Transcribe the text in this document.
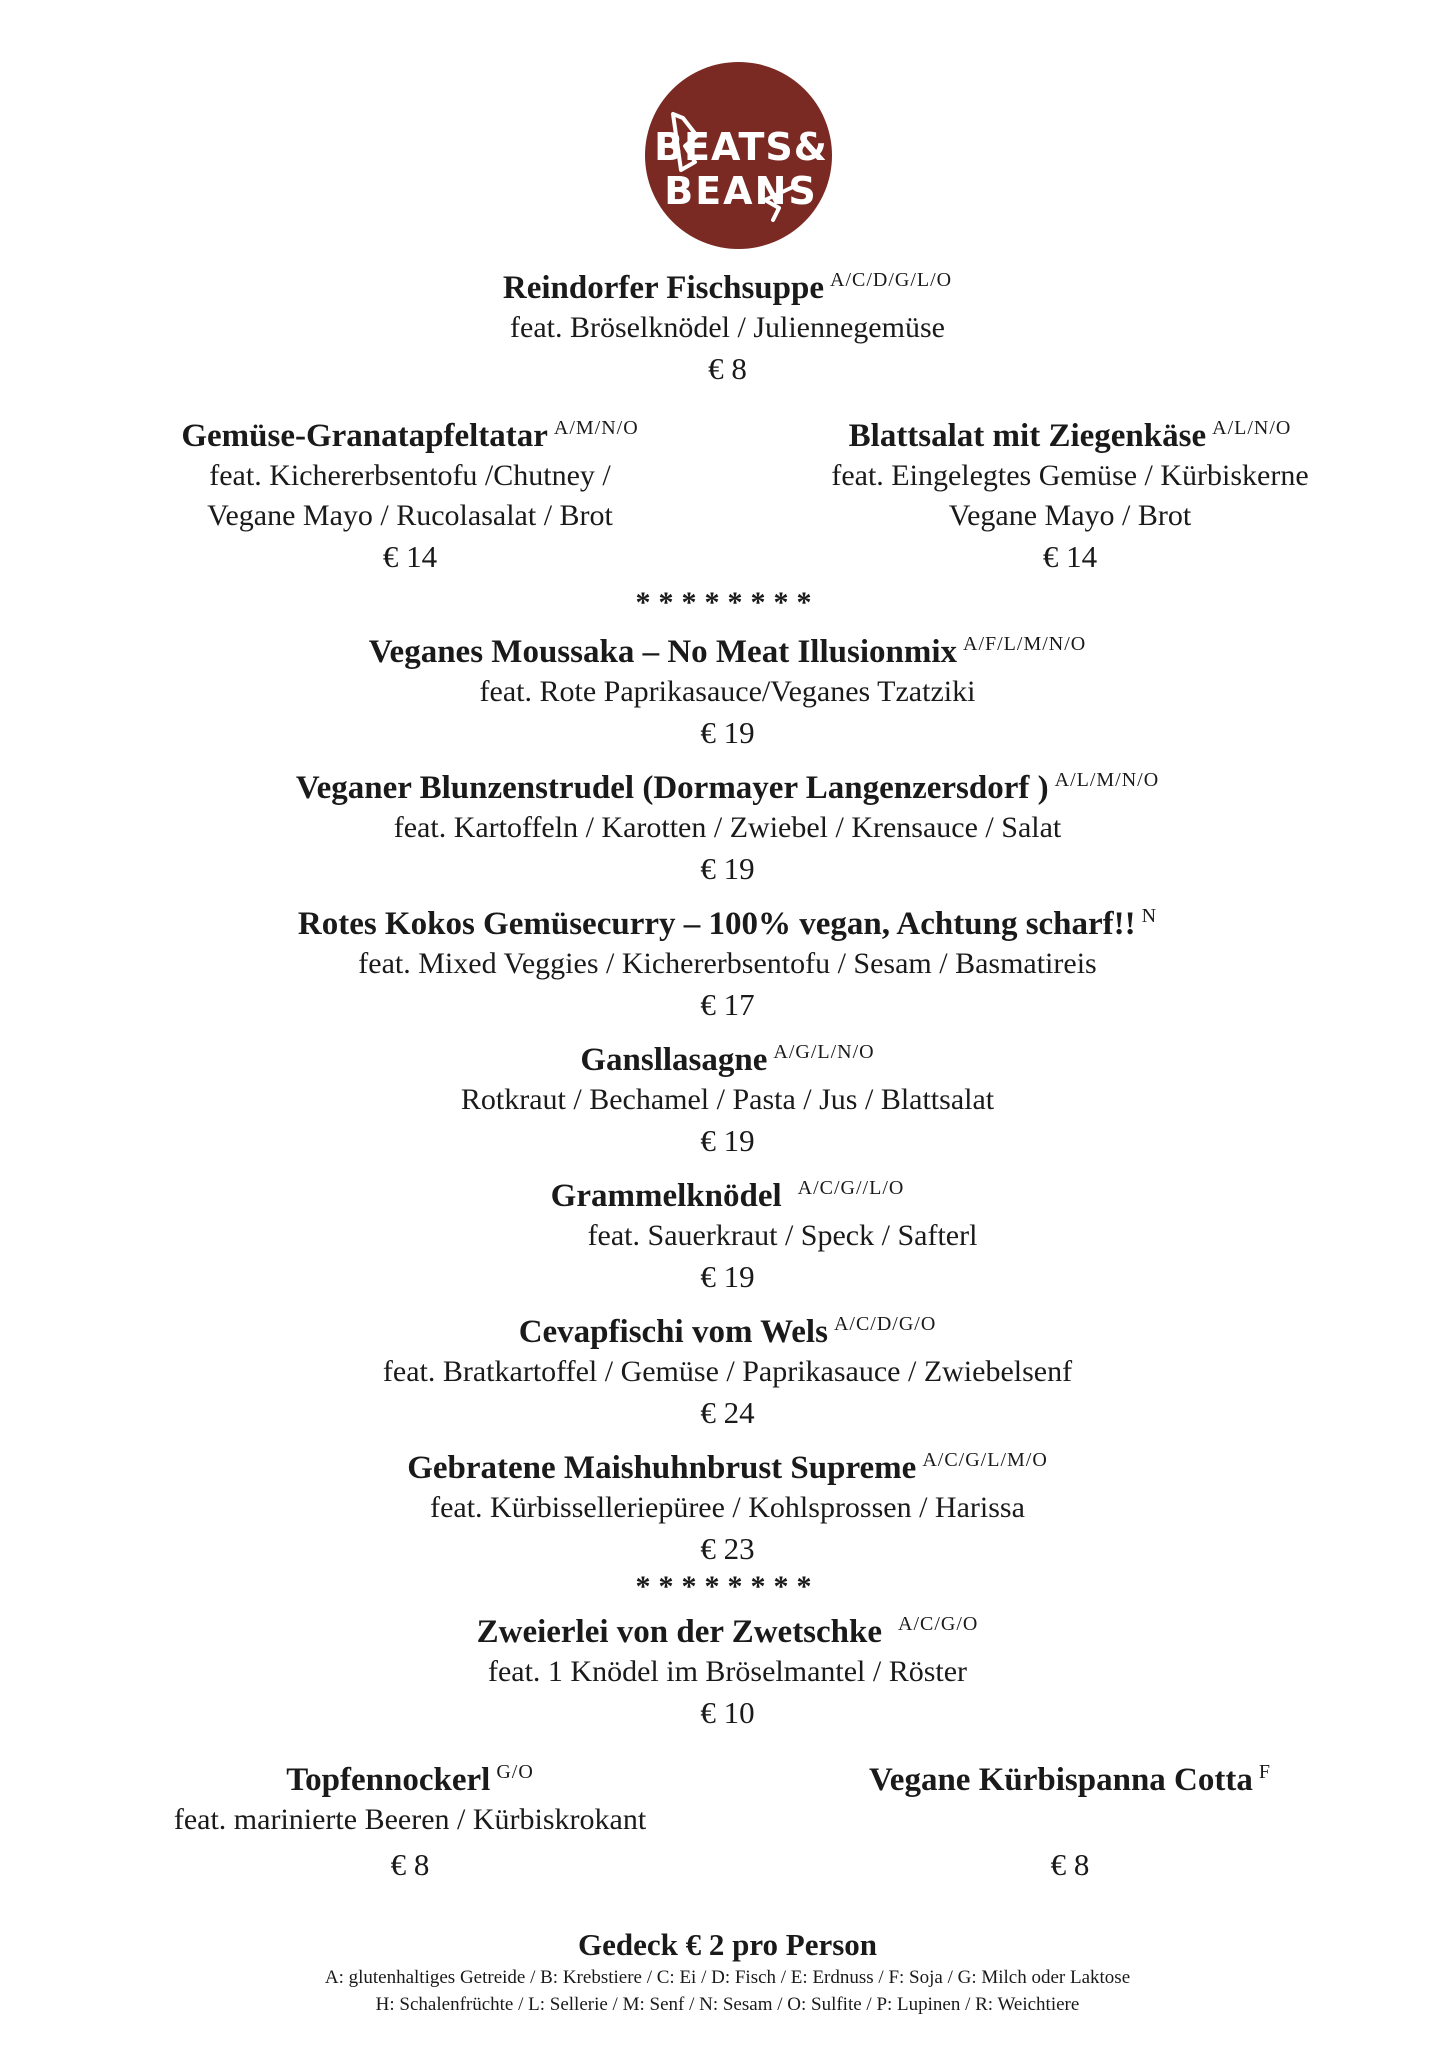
BEATS&
BEANS
Reindorfer Fischsuppe $^{A/C/D/G/L/O}$
feat. Bröselknödel / Juliennegemüse
€ 8
Gemüse-Granatapfeltatar $^{A/M/N/O}$
feat. Kichererbsentofu /Chutney /
Vegane Mayo / Rucolasalat / Brot
€ 14
Blattsalat mit Ziegenkäse $^{A/L/N/O}$
feat. Eingelegtes Gemüse / Kürbiskerne
Vegane Mayo / Brot
€ 14
********
Veganes Moussaka – No Meat Illusionmix $^{A/F/L/M/N/O}$
feat. Rote Paprikasauce/Veganes Tzatziki
€ 19
Veganer Blunzenstrudel (Dormayer Langenzersdorf ) $^{A/L/M/N/O}$
feat. Kartoffeln / Karotten / Zwiebel / Krensauce / Salat
€ 19
Rotes Kokos Gemüsecurry – 100% vegan, Achtung scharf!! $^N$
feat. Mixed Veggies / Kichererbsentofu / Sesam / Basmatireis
€ 17
Gansllasagne $^{A/G/L/N/O}$
Rotkraut / Bechamel / Pasta / Jus / Blattsalat
€ 19
Grammelknödel $^{A/C/G//L/O}$
feat. Sauerkraut / Speck / Safterl
€ 19
Cevapfischi vom Wels $^{A/C/D/G/O}$
feat. Bratkartoffel / Gemüse / Paprikasauce / Zwiebelsenf
€ 24
Gebratene Maishuhnbrust Supreme $^{A/C/G/L/M/O}$
feat. Kürbisselleriepüree / Kohlsprossen / Harissa
€ 23
********
Zweierlei von der Zwetschke $^{A/C/G/O}$
feat. 1 Knödel im Bröselmantel / Röster
€ 10
Topfennockerl $^{G/O}$
feat. marinierte Beeren / Kürbiskrokant
€ 8
Vegane Kürbispanna Cotta $^F$

€ 8
Gedeck € 2 pro Person
A: glutenhaltiges Getreide / B: Krebstiere / C: Ei / D: Fisch / E: Erdnuss / F: Soja / G: Milch oder Laktose
H: Schalenfrüchte / L: Sellerie / M: Senf / N: Sesam / O: Sulfite / P: Lupinen / R: Weichtiere
